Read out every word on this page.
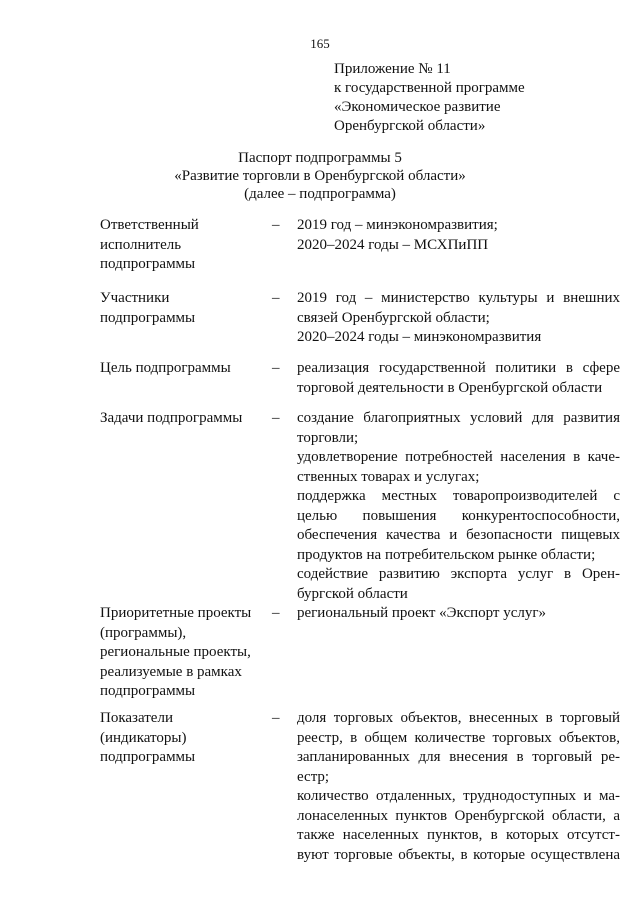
165
Приложение № 11
к государственной программе
«Экономическое развитие
Оренбургской области»
Паспорт подпрограммы 5
«Развитие торговли в Оренбургской области»
(далее – подпрограмма)
Ответственный
исполнитель
подпрограммы
– 2019 год – минэкономразвития;
2020–2024 годы – МСХПиПП
Участники
подпрограммы
– 2019 год – министерство культуры и внешних
связей Оренбургской области;
2020–2024 годы – минэкономразвития
Цель подпрограммы	– реализация государственной политики в сфере
торговой деятельности в Оренбургской области
Задачи подпрограммы	– создание благоприятных условий для развития
торговли;
удовлетворение потребностей населения в каче-
ственных товарах и услугах;
поддержка местных товаропроизводителей с
целью повышения конкурентоспособности,
обеспечения качества и безопасности пищевых
продуктов на потребительском рынке области;
содействие развитию экспорта услуг в Орен-
бургской области
Приоритетные проекты
(программы),
региональные проекты,
реализуемые в рамках
подпрограммы
– региональный проект «Экспорт услуг»
Показатели
(индикаторы)
подпрограммы
– доля торговых объектов, внесенных в торговый
реестр, в общем количестве торговых объектов,
запланированных для внесения в торговый ре-
естр;
количество отдаленных, труднодоступных и ма-
лонаселенных пунктов Оренбургской области, а
также населенных пунктов, в которых отсутст-
вуют торговые объекты, в которые осуществлена
